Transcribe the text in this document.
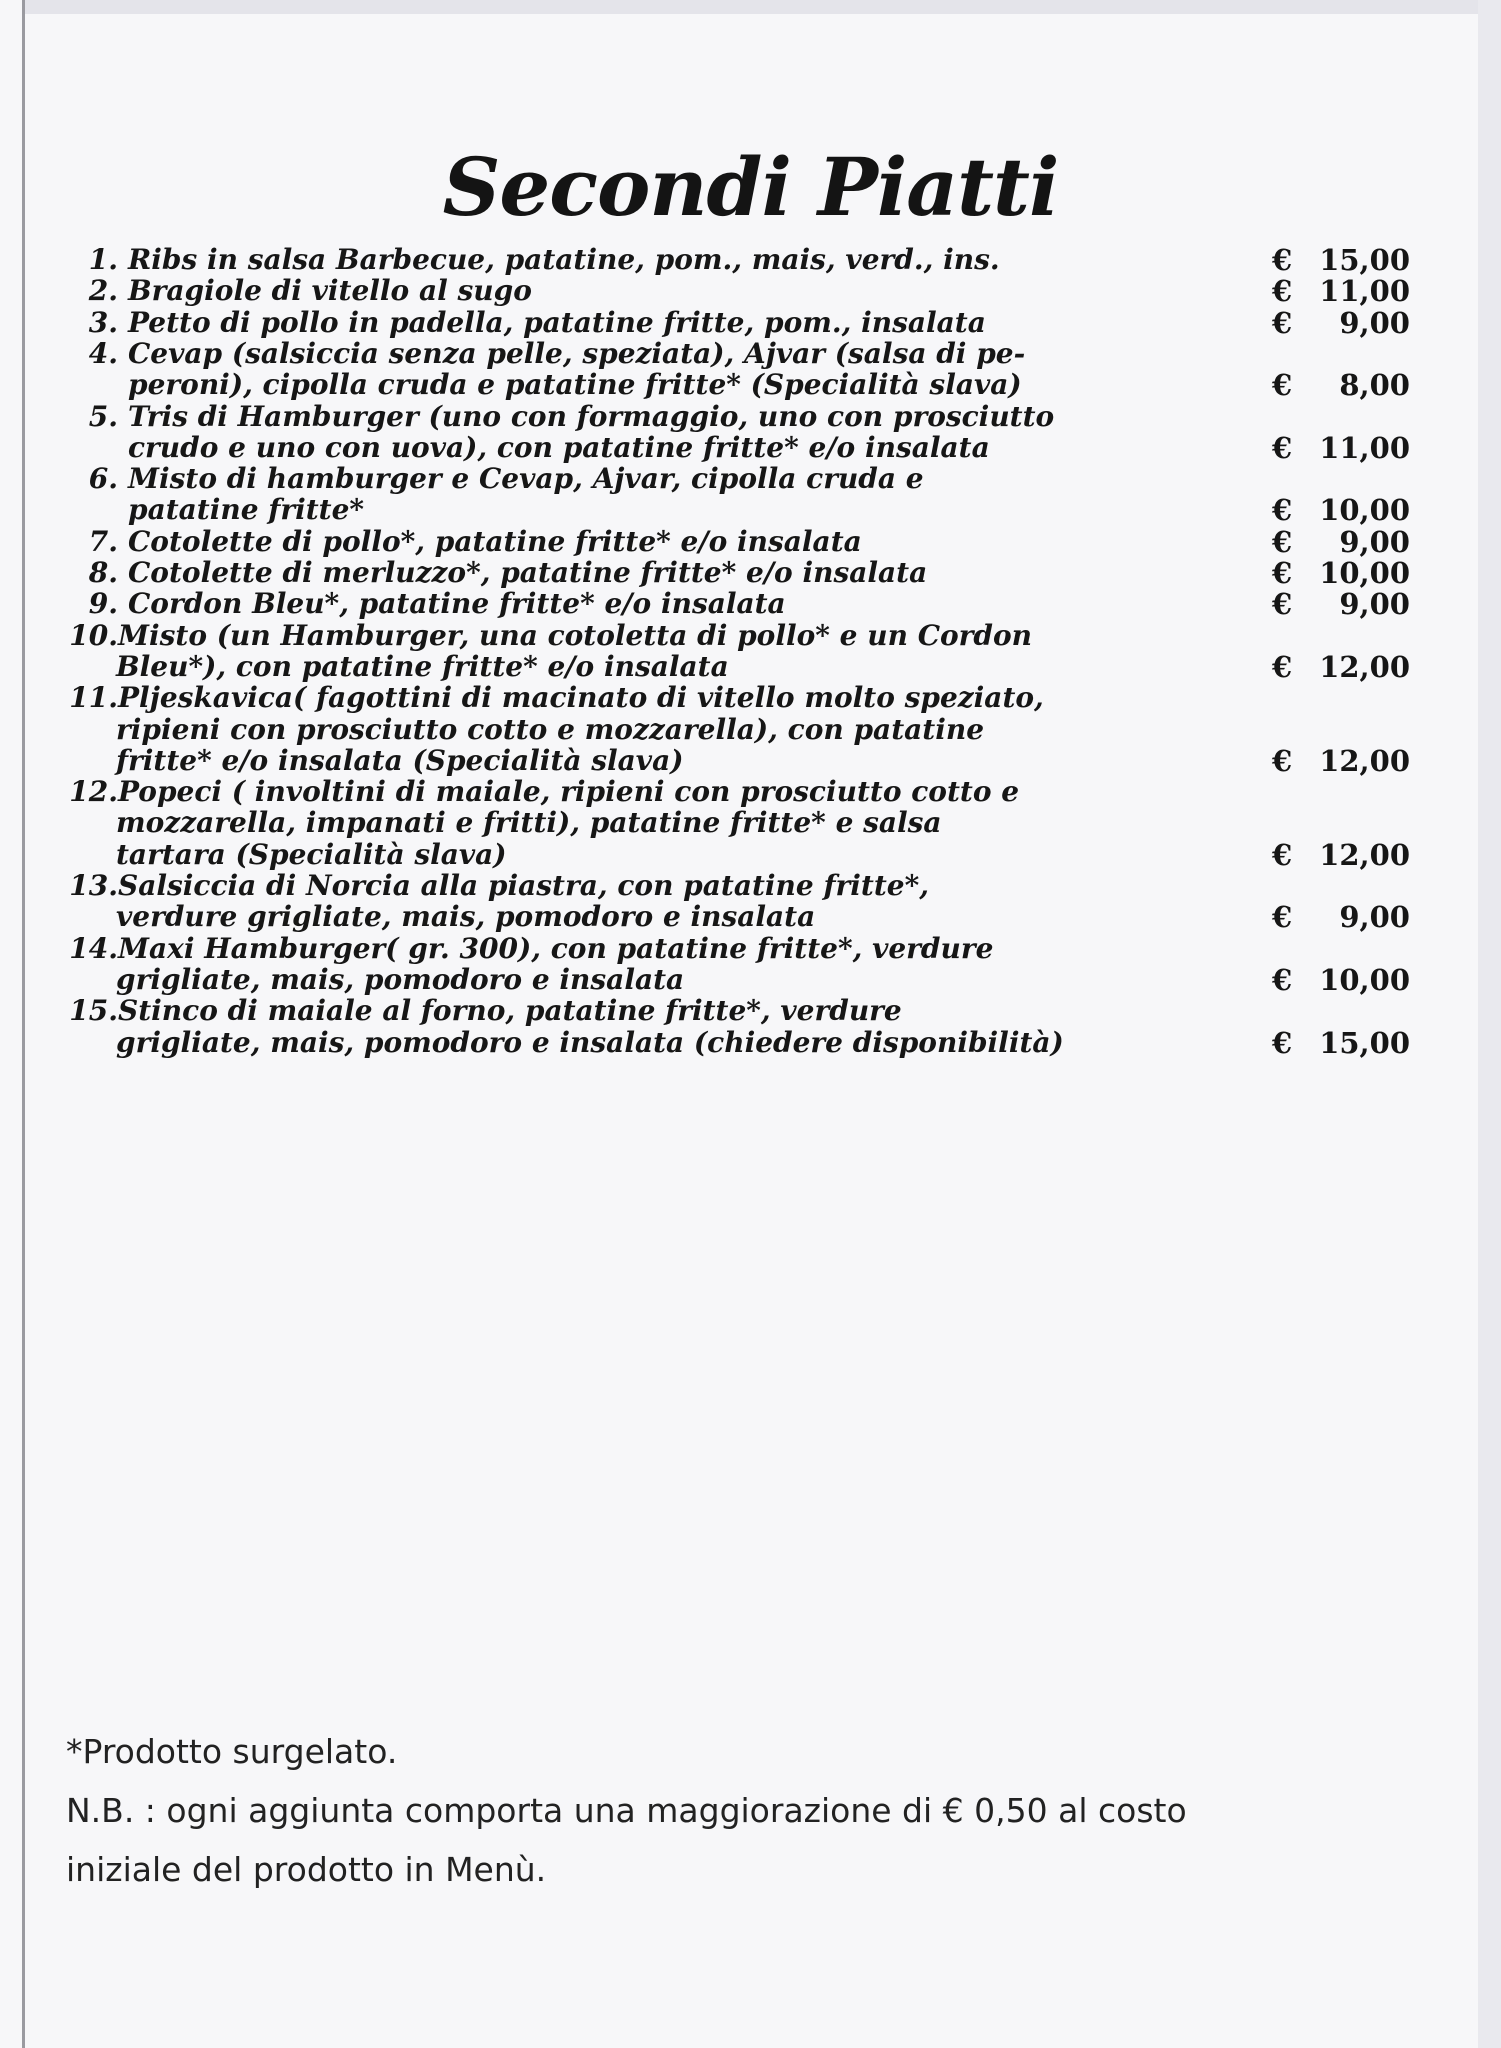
Secondi Piatti
1. Ribs in salsa Barbecue, patatine, pom., mais, verd., ins.	€ 15,00
2. Bragiole di vitello al sugo	€ 11,00
3. Petto di pollo in padella, patatine fritte, pom., insalata	€ 9,00
4. Cevap (salsiccia senza pelle, speziata), Ajvar (salsa di pe-
peroni), cipolla cruda e patatine fritte* (Specialità slava)	€ 8,00
5. Tris di Hamburger (uno con formaggio, uno con prosciutto
crudo e uno con uova), con patatine fritte* e/o insalata	€ 11,00
6. Misto di hamburger e Cevap, Ajvar, cipolla cruda e
patatine fritte*	€ 10,00
7. Cotolette di pollo*, patatine fritte* e/o insalata	€ 9,00
8. Cotolette di merluzzo*, patatine fritte* e/o insalata	€ 10,00
9. Cordon Bleu*, patatine fritte* e/o insalata	€ 9,00
10. Misto (un Hamburger, una cotoletta di pollo* e un Cordon
Bleu*), con patatine fritte* e/o insalata	€ 12,00
11. Pljeskavica( fagottini di macinato di vitello molto speziato,
ripieni con prosciutto cotto e mozzarella), con patatine
fritte* e/o insalata (Specialità slava)	€ 12,00
12. Popeci ( involtini di maiale, ripieni con prosciutto cotto e
mozzarella, impanati e fritti), patatine fritte* e salsa
tartara (Specialità slava)	€ 12,00
13. Salsiccia di Norcia alla piastra, con patatine fritte*,
verdure grigliate, mais, pomodoro e insalata	€ 9,00
14. Maxi Hamburger( gr. 300), con patatine fritte*, verdure
grigliate, mais, pomodoro e insalata	€ 10,00
15. Stinco di maiale al forno, patatine fritte*, verdure
grigliate, mais, pomodoro e insalata (chiedere disponibilità)	€ 15,00
*Prodotto surgelato.
N.B. : ogni aggiunta comporta una maggiorazione di € 0,50 al costo
iniziale del prodotto in Menù.
